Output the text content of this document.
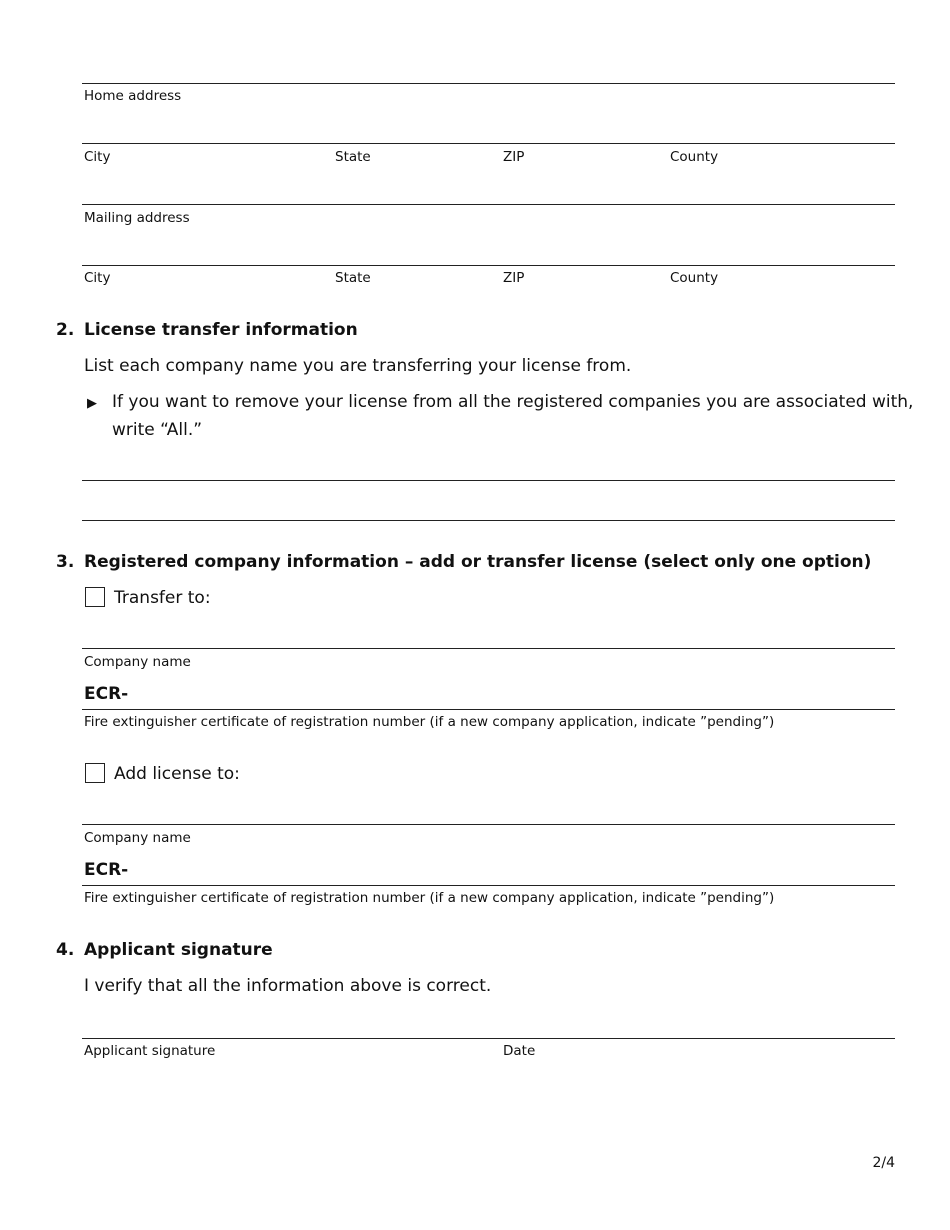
Home address
City	State	ZIP	County
Mailing address
City	State	ZIP	County
2. License transfer information
List each company name you are transferring your license from.
▶ If you want to remove your license from all the registered companies you are associated with,
write “All.”
3. Registered company information – add or transfer license (select only one option)
Transfer to:
Company name
ECR-
Fire extinguisher certificate of registration number (if a new company application, indicate ”pending”)
Add license to:
Company name
ECR-
Fire extinguisher certificate of registration number (if a new company application, indicate ”pending”)
4. Applicant signature
I verify that all the information above is correct.
Applicant signature	Date
2/4
